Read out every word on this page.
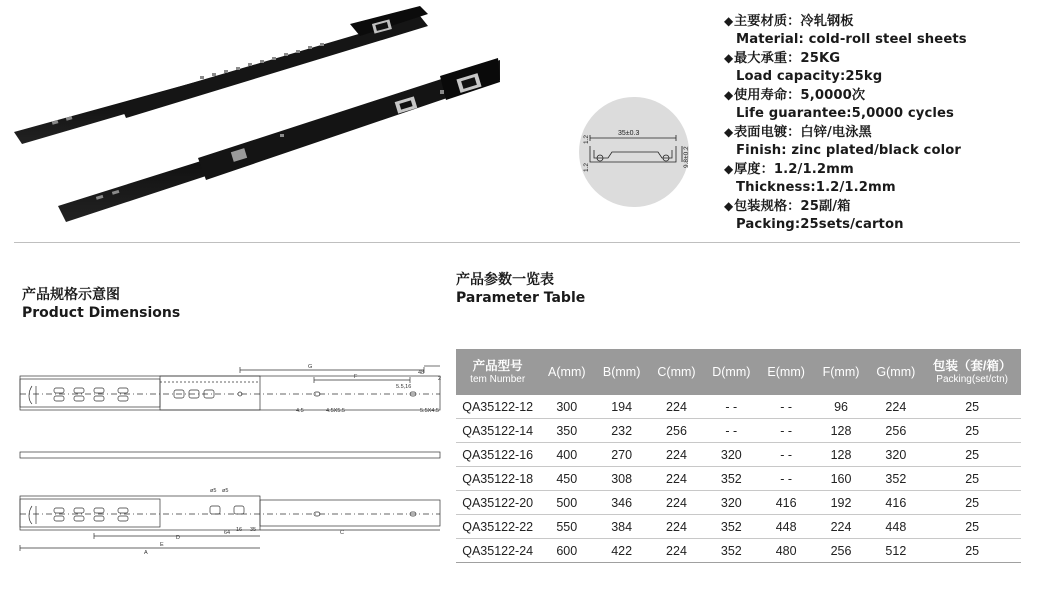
35±0.3
9.8±0.2
1.2
1.2

◆主要材质：冷轧钢板
Material: cold-roll steel sheets

◆最大承重：25KG
Load capacity:25kg

◆使用寿命：5,0000次
Life guarantee:5,0000 cycles

◆表面电镀：白锌/电泳黑
Finish: zinc plated/black color

◆厚度：1.2/1.2mm
Thickness:1.2/1.2mm

◆包装规格：25副/箱
Packing:25sets/carton

产品规格示意图
Product Dimensions
产品参数一览表
Parameter Table
G
F
48
2
5.5,16
4.5	4.5X5.5	5.5X4.5
ø5 ø5
64 16 35
D
E
A
C
产品型号
tem Number	A(mm)	B(mm)	C(mm)	D(mm)	E(mm)	F(mm)	G(mm)	包装（套/箱）
Packing(set/ctn)

QA35122-12	300	194	224	- -	- -	96	224	25
QA35122-14	350	232	256	- -	- -	128	256	25
QA35122-16	400	270	224	320	- -	128	320	25
QA35122-18	450	308	224	352	- -	160	352	25
QA35122-20	500	346	224	320	416	192	416	25
QA35122-22	550	384	224	352	448	224	448	25
QA35122-24	600	422	224	352	480	256	512	25
